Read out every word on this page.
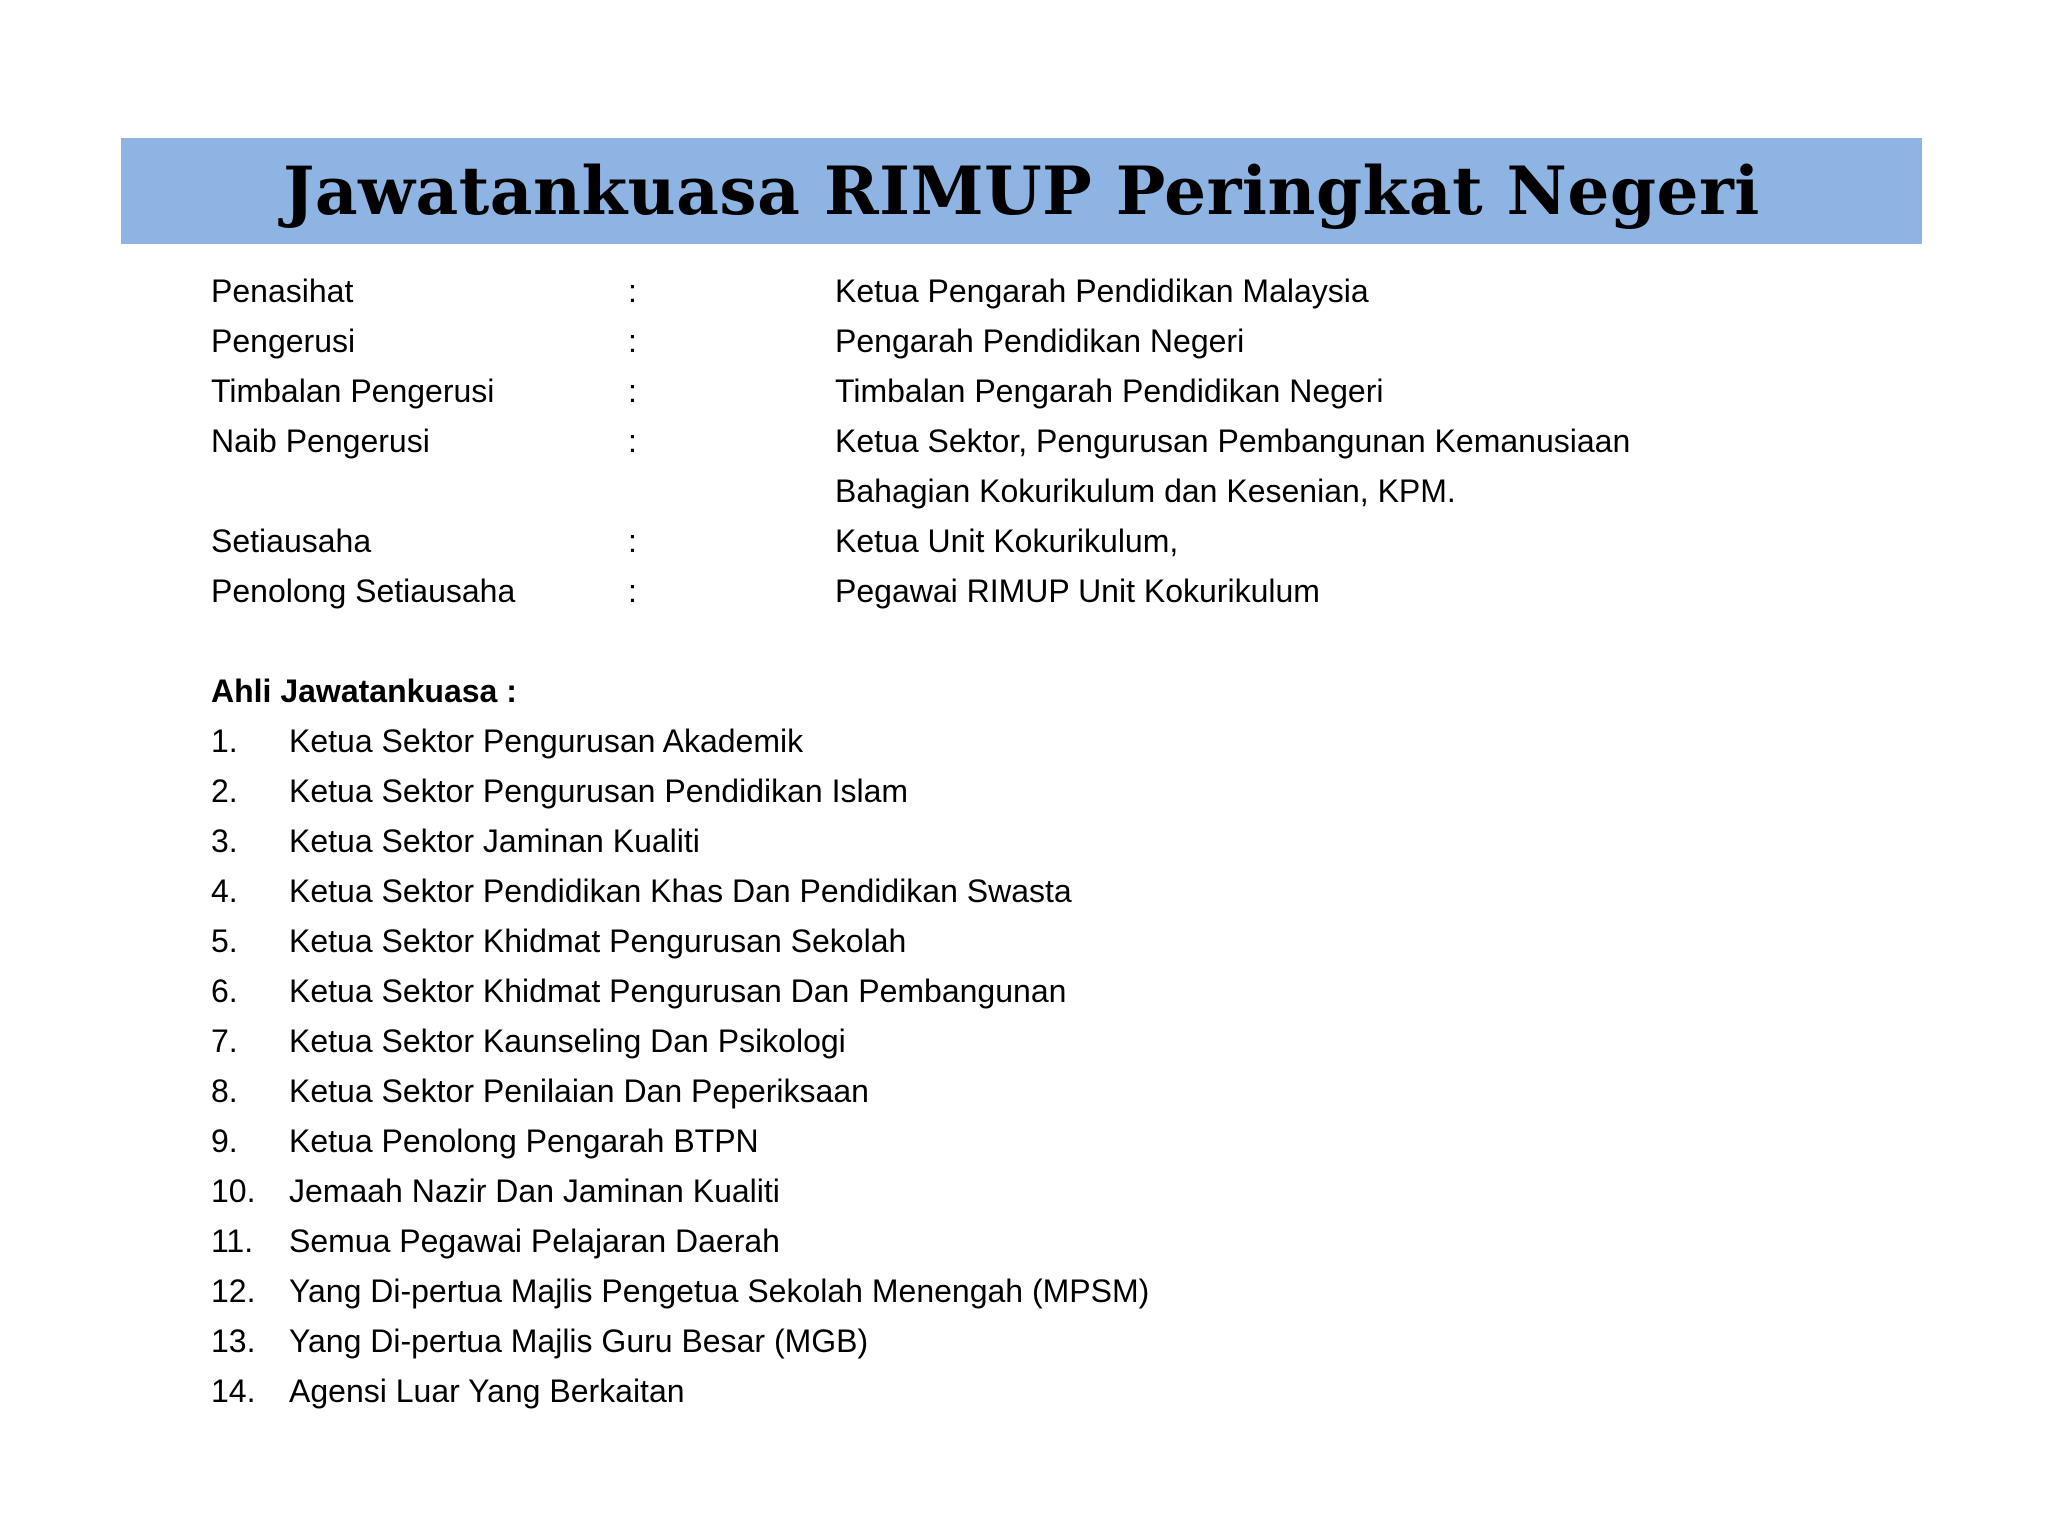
Jawatankuasa RIMUP Peringkat Negeri
Penasihat	:	Ketua Pengarah Pendidikan Malaysia
Pengerusi	:	Pengarah Pendidikan Negeri
Timbalan Pengerusi	:	Timbalan Pengarah Pendidikan Negeri
Naib Pengerusi	:	Ketua Sektor, Pengurusan Pembangunan Kemanusiaan
Bahagian Kokurikulum dan Kesenian, KPM.
Setiausaha	:	Ketua Unit Kokurikulum,
Penolong Setiausaha	:	Pegawai RIMUP Unit Kokurikulum
Ahli Jawatankuasa :
1.	Ketua Sektor Pengurusan Akademik
2.	Ketua Sektor Pengurusan Pendidikan Islam
3.	Ketua Sektor Jaminan Kualiti
4.	Ketua Sektor Pendidikan Khas Dan Pendidikan Swasta
5.	Ketua Sektor Khidmat Pengurusan Sekolah
6.	Ketua Sektor Khidmat Pengurusan Dan Pembangunan
7.	Ketua Sektor Kaunseling Dan Psikologi
8.	Ketua Sektor Penilaian Dan Peperiksaan
9.	Ketua Penolong Pengarah BTPN
10.	Jemaah Nazir Dan Jaminan Kualiti
11.	Semua Pegawai Pelajaran Daerah
12.	Yang Di-pertua Majlis Pengetua Sekolah Menengah (MPSM)
13.	Yang Di-pertua Majlis Guru Besar (MGB)
14.	Agensi Luar Yang Berkaitan
